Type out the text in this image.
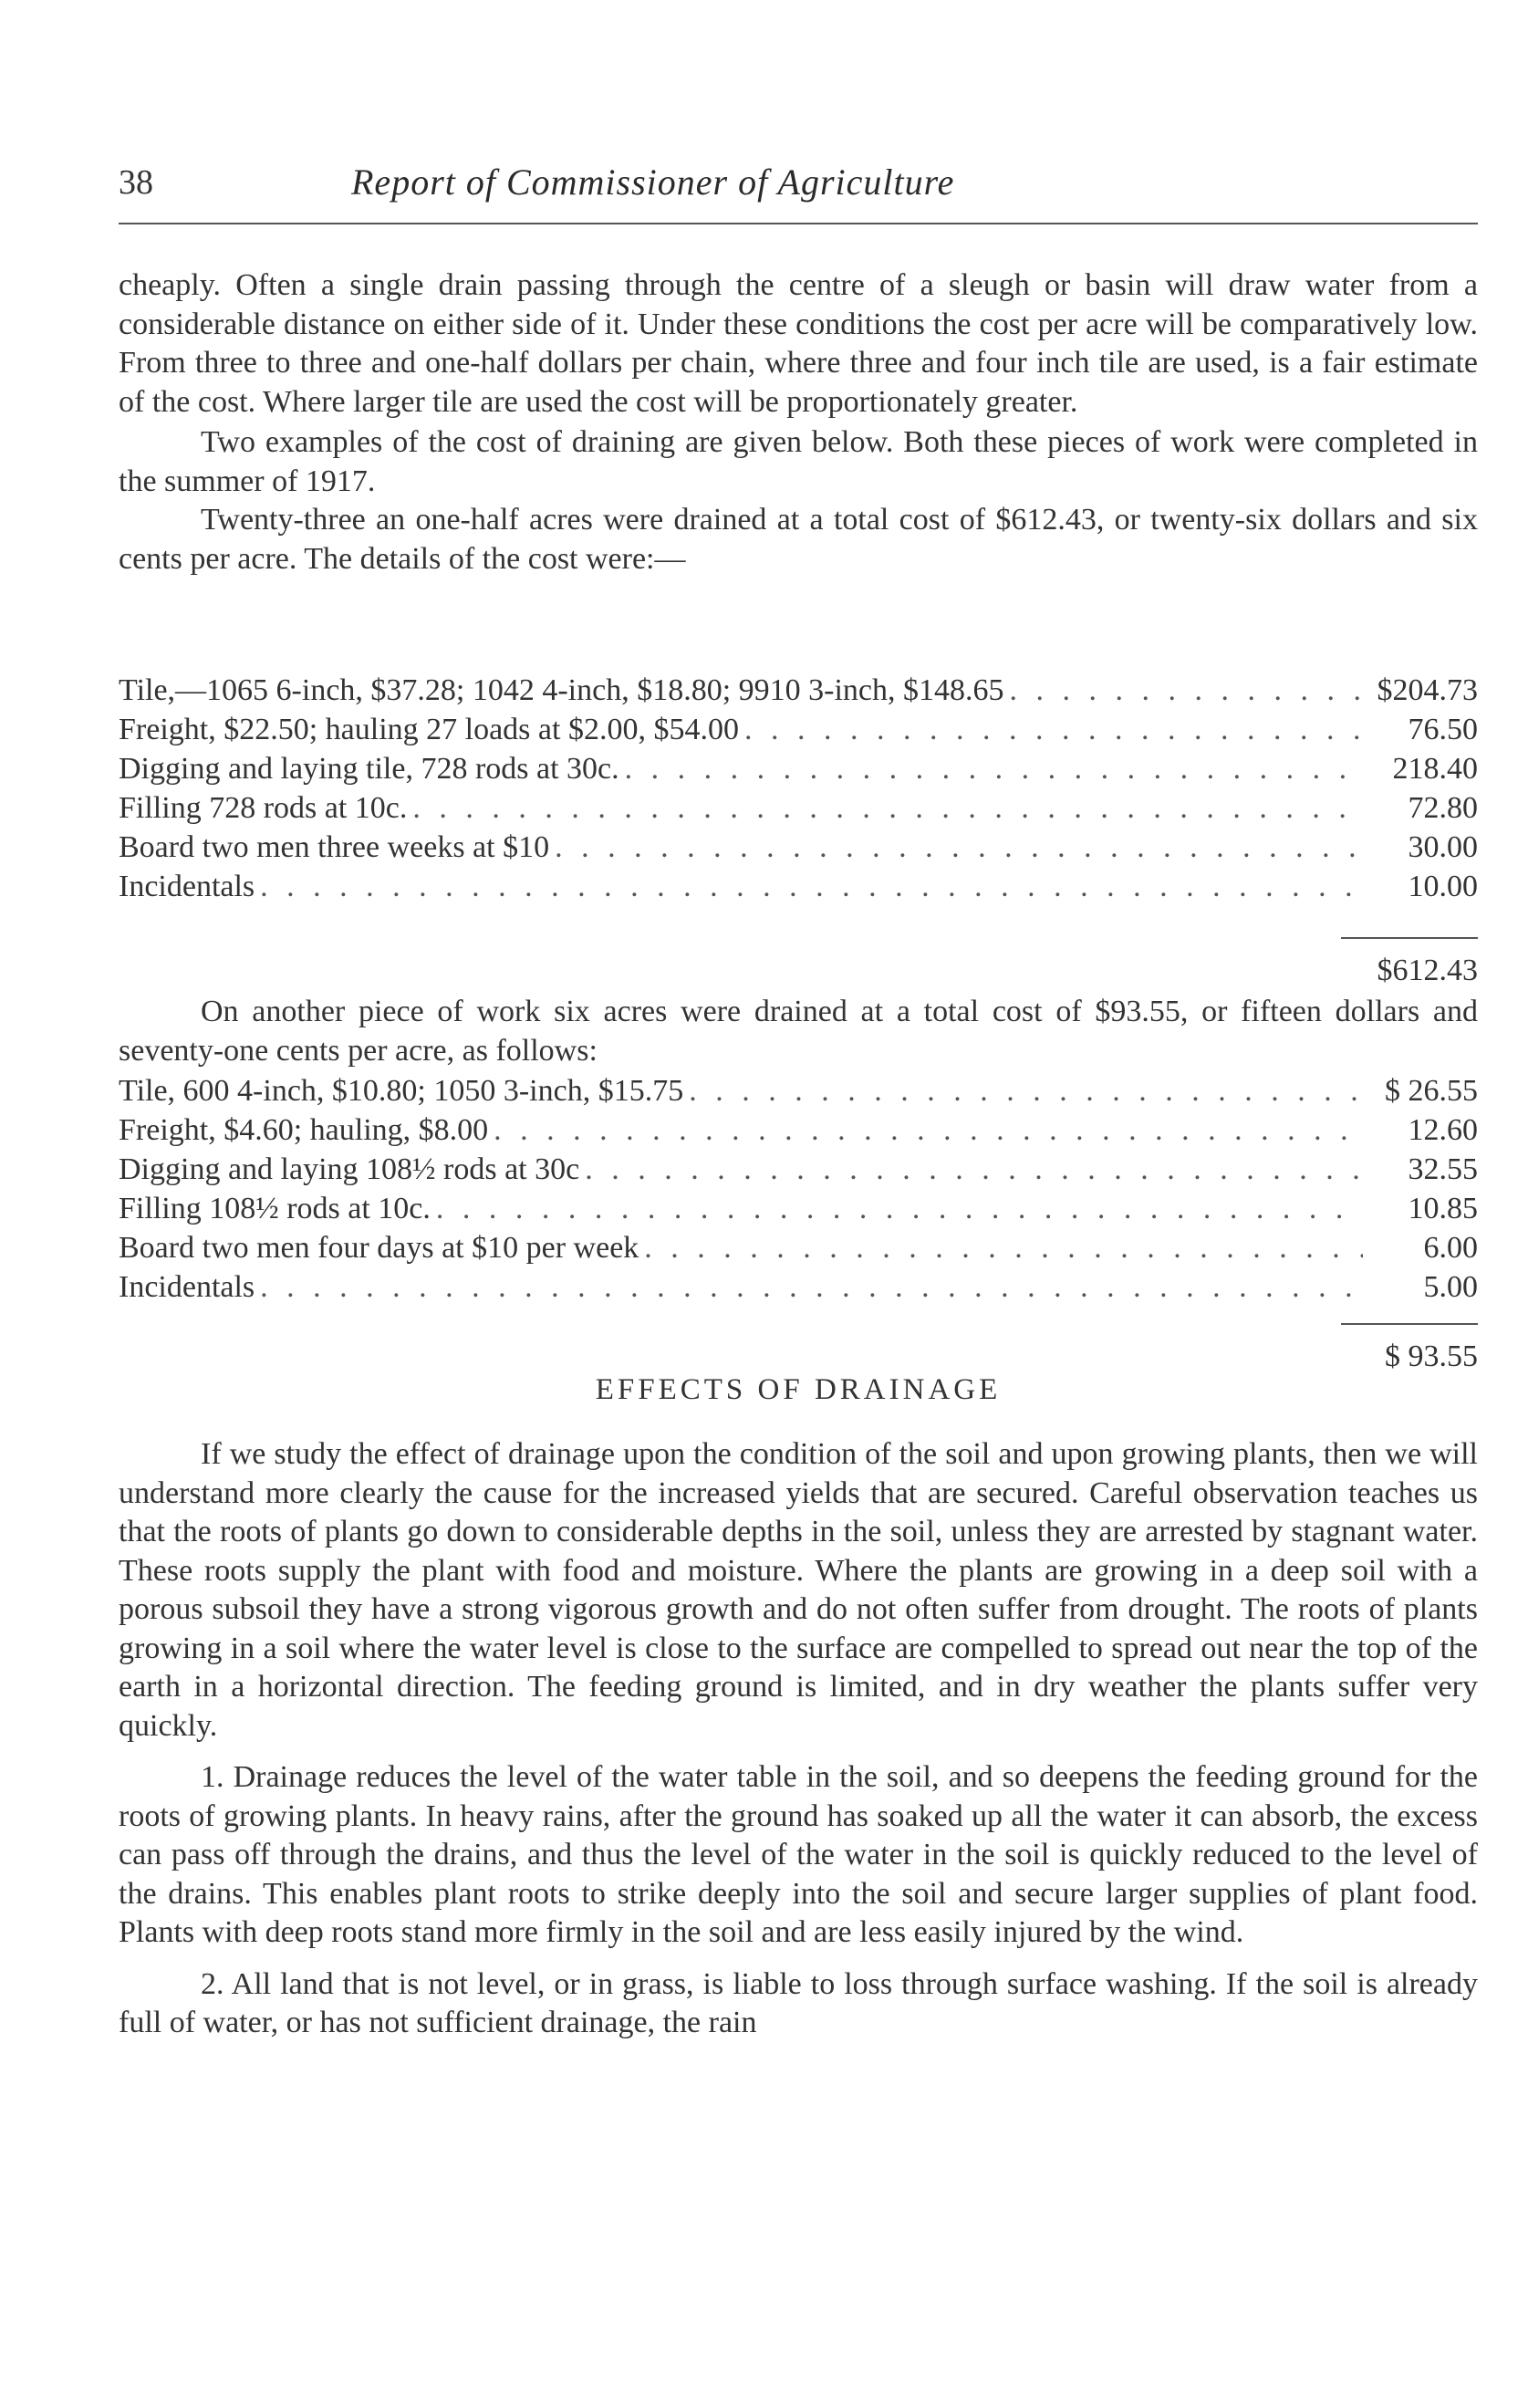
38	Report of Commissioner of Agriculture

cheaply. Often a single drain passing through the centre of a sleugh or basin will draw water from a considerable distance on either side of it. Under these conditions the cost per acre will be comparatively low. From three to three and one-half dollars per chain, where three and four inch tile are used, is a fair estimate of the cost. Where larger tile are used the cost will be proportionately greater.

Two examples of the cost of draining are given below. Both these pieces of work were completed in the summer of 1917.

Twenty-three an one-half acres were drained at a total cost of $612.43, or twenty-six dollars and six cents per acre. The details of the cost were:—

Tile,—1065 6-inch, $37.28; 1042 4-inch, $18.80; 9910 3-inch, $148.65 . . .	$204.73
Freight, $22.50; hauling 27 loads at $2.00, $54.00 . . .	76.50
Digging and laying tile, 728 rods at 30c. . . .	218.40
Filling 728 rods at 10c. . . .	72.80
Board two men three weeks at $10 . . .	30.00
Incidentals . . .	10.00
$612.43

On another piece of work six acres were drained at a total cost of $93.55, or fifteen dollars and seventy-one cents per acre, as follows:

Tile, 600 4-inch, $10.80; 1050 3-inch, $15.75 . . .	$ 26.55
Freight, $4.60; hauling, $8.00 . . .	12.60
Digging and laying 108½ rods at 30c . . .	32.55
Filling 108½ rods at 10c. . . .	10.85
Board two men four days at $10 per week . . .	6.00
Incidentals . . .	5.00
$ 93.55
EFFECTS OF DRAINAGE

If we study the effect of drainage upon the condition of the soil and upon growing plants, then we will understand more clearly the cause for the increased yields that are secured. Careful observation teaches us that the roots of plants go down to considerable depths in the soil, unless they are arrested by stagnant water. These roots supply the plant with food and moisture. Where the plants are growing in a deep soil with a porous subsoil they have a strong vigorous growth and do not often suffer from drought. The roots of plants growing in a soil where the water level is close to the surface are compelled to spread out near the top of the earth in a horizontal direction. The feeding ground is limited, and in dry weather the plants suffer very quickly.

1. Drainage reduces the level of the water table in the soil, and so deepens the feeding ground for the roots of growing plants. In heavy rains, after the ground has soaked up all the water it can absorb, the excess can pass off through the drains, and thus the level of the water in the soil is quickly reduced to the level of the drains. This enables plant roots to strike deeply into the soil and secure larger supplies of plant food. Plants with deep roots stand more firmly in the soil and are less easily injured by the wind.

2. All land that is not level, or in grass, is liable to loss through surface washing. If the soil is already full of water, or has not sufficient drainage, the rain
